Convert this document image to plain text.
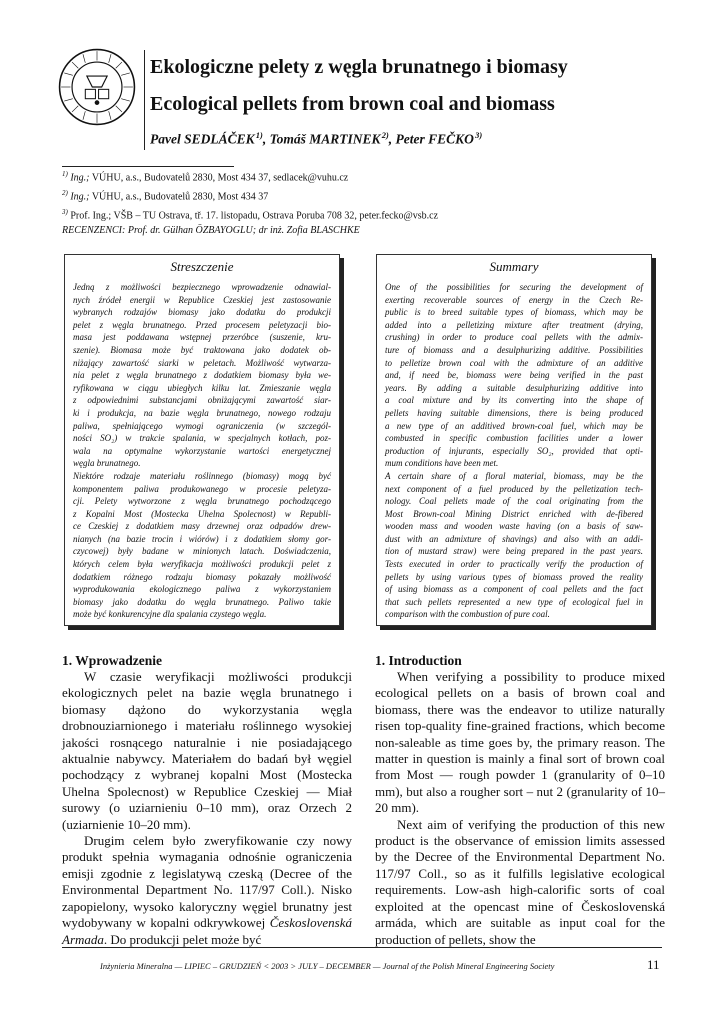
Ekologiczne pelety z węgla brunatnego i biomasy
Ecological pellets from brown coal and biomass
Pavel SEDLÁČEK $^{1)}$, Tomáš MARTINEK $^{2)}$, Peter FEČKO $^{3)}$
$^{1)}$ Ing.; VÚHU, a.s., Budovatelů 2830, Most 434 37, sedlacek@vuhu.cz
$^{2)}$ Ing.; VÚHU, a.s., Budovatelů 2830, Most 434 37
$^{3)}$ Prof. Ing.; VŠB – TU Ostrava, tř. 17. listopadu, Ostrava Poruba 708 32, peter.fecko@vsb.cz
RECENZENCI: Prof. dr. Gülhan ÖZBAYOGLU; dr inż. Zofia BLASCHKE
Streszczenie

Jedną z możliwości bezpiecznego wprowadzenie odnawial-

nych źródeł energii w Republice Czeskiej jest zastosowanie

wybranych rodzajów biomasy jako dodatku do produkcji

pelet z węgla brunatnego. Przed procesem peletyzacji bio-

masa jest poddawana wstępnej przeróbce (suszenie, kru-

szenie). Biomasa może być traktowana jako dodatek ob-

niżający zawartość siarki w peletach. Możliwość wytwarza-

nia pelet z węgla brunatnego z dodatkiem biomasy była we-

ryfikowana w ciągu ubiegłych kilku lat. Zmieszanie węgla

z odpowiednimi substancjami obniżającymi zawartość siar-

ki i produkcja, na bazie węgla brunatnego, nowego rodzaju

paliwa, spełniającego wymogi ograniczenia (w szczegól-

ności SO₂) w trakcie spalania, w specjalnych kotłach, poz-

wala na optymalne wykorzystanie wartości energetycznej

węgla brunatnego.

Niektóre rodzaje materiału roślinnego (biomasy) mogą być

komponentem paliwa produkowanego w procesie peletyza-

cji. Pelety wytworzone z węgla brunatnego pochodzącego

z Kopalni Most (Mostecka Uhelna Spolecnost) w Republi-

ce Czeskiej z dodatkiem masy drzewnej oraz odpadów drew-

nianych (na bazie trocin i wiórów) i z dodatkiem słomy gor-

czycowej) były badane w minionych latach. Doświadczenia,

których celem była weryfikacja możliwości produkcji pelet z

dodatkiem różnego rodzaju biomasy pokazały możliwość

wyprodukowania ekologicznego paliwa z wykorzystaniem

biomasy jako dodatku do węgla brunatnego. Paliwo takie

może być konkurencyjne dla spalania czystego węgla.

Summary

One of the possibilities for securing the development of

exerting recoverable sources of energy in the Czech Re-

public is to breed suitable types of biomass, which may be

added into a pelletizing mixture after treatment (drying,

crushing) in order to produce coal pellets with the admix-

ture of biomass and a desulphurizing additive. Possibilities

to pelletize brown coal with the admixture of an additive

and, if need be, biomass were being verified in the past

years. By adding a suitable desulphurizing additive into

a coal mixture and by its converting into the shape of

pellets having suitable dimensions, there is being produced

a new type of an additived brown-coal fuel, which may be

combusted in specific combustion facilities under a lower

production of injurants, especially SO₂, provided that opti-

mum conditions have been met.

A certain share of a floral material, biomass, may be the

next component of a fuel produced by the pelletization tech-

nology. Coal pellets made of the coal originating from the

Most Brown-coal Mining District enriched with de-fibered

wooden mass and wooden waste having (on a basis of saw-

dust with an admixture of shavings) and also with an addi-

tion of mustard straw) were being prepared in the past years.

Tests executed in order to practically verify the production of

pellets by using various types of biomass proved the reality

of using biomass as a component of coal pellets and the fact

that such pellets represented a new type of ecological fuel in

comparison with the combustion of pure coal.

1. Wprowadzenie

W czasie weryfikacji możliwości produkcji ekologicznych pelet na bazie węgla brunatnego i biomasy dążono do wykorzystania węgla drobnouziarnionego i materiału roślinnego wysokiej jakości rosnącego naturalnie i nie posiadającego aktualnie nabywcy. Materiałem do badań był węgiel pochodzący z wybranej kopalni Most (Mostecka Uhelna Spolecnost) w Republice Czeskiej — Miał surowy (o uziarnieniu 0–10 mm), oraz Orzech 2 (uziarnienie 10–20 mm).

Drugim celem było zweryfikowanie czy nowy produkt spełnia wymagania odnośnie ograniczenia emisji zgodnie z legislatywą czeską (Decree of the Environmental Department No. 117/97 Coll.). Nisko zapopielony, wysoko kaloryczny węgiel brunatny jest wydobywany w kopalni odkrywkowej Československá Armada. Do produkcji pelet może być

1. Introduction

When verifying a possibility to produce mixed ecological pellets on a basis of brown coal and biomass, there was the endeavor to utilize naturally risen top-quality fine-grained fractions, which become non-saleable as time goes by, the primary reason. The matter in question is mainly a final sort of brown coal from Most — rough powder 1 (granularity of 0–10 mm), but also a rougher sort – nut 2 (granularity of 10–20 mm).

Next aim of verifying the production of this new product is the observance of emission limits assessed by the Decree of the Environmental Department No. 117/97 Coll., so as it fulfills legislative ecological requirements. Low-ash high-calorific sorts of coal exploited at the opencast mine of Československá armáda, which are suitable as input coal for the production of pellets, show the

Inżynieria Mineralna — LIPIEC – GRUDZIEŃ < 2003 > JULY – DECEMBER — Journal of the Polish Mineral Engineering Society	11
